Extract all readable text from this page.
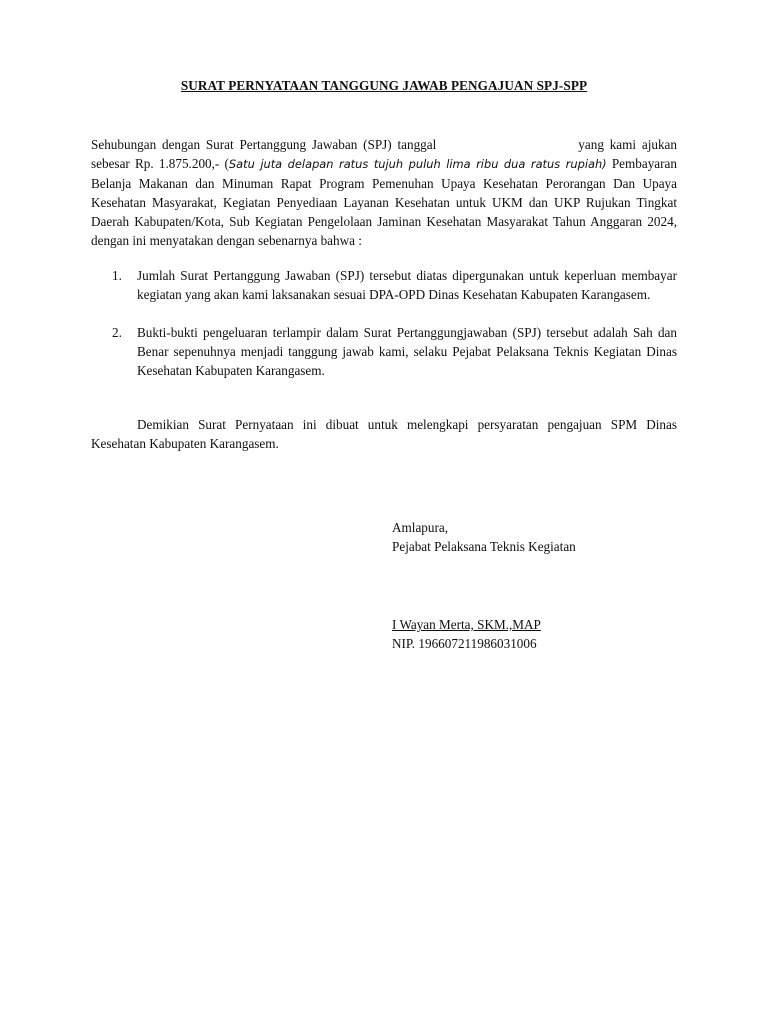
SURAT PERNYATAAN TANGGUNG JAWAB PENGAJUAN SPJ-SPP
Sehubungan dengan Surat Pertanggung Jawaban (SPJ) tanggal	yang kami ajukan sebesar Rp. 1.875.200,- (Satu juta delapan ratus tujuh puluh lima ribu dua ratus rupiah) Pembayaran Belanja Makanan dan Minuman Rapat Program Pemenuhan Upaya Kesehatan Perorangan Dan Upaya Kesehatan Masyarakat, Kegiatan Penyediaan Layanan Kesehatan untuk UKM dan UKP Rujukan Tingkat Daerah Kabupaten/Kota, Sub Kegiatan Pengelolaan Jaminan Kesehatan Masyarakat Tahun Anggaran 2024, dengan ini menyatakan dengan sebenarnya bahwa :
1. Jumlah Surat Pertanggung Jawaban (SPJ) tersebut diatas dipergunakan untuk keperluan membayar kegiatan yang akan kami laksanakan sesuai DPA-OPD Dinas Kesehatan Kabupaten Karangasem.
2. Bukti-bukti pengeluaran terlampir dalam Surat Pertanggungjawaban (SPJ) tersebut adalah Sah dan Benar sepenuhnya menjadi tanggung jawab kami, selaku Pejabat Pelaksana Teknis Kegiatan Dinas Kesehatan Kabupaten Karangasem.
Demikian Surat Pernyataan ini dibuat untuk melengkapi persyaratan pengajuan SPM Dinas Kesehatan Kabupaten Karangasem.
Amlapura,
Pejabat Pelaksana Teknis Kegiatan
I Wayan Merta, SKM.,MAP
NIP. 196607211986031006
